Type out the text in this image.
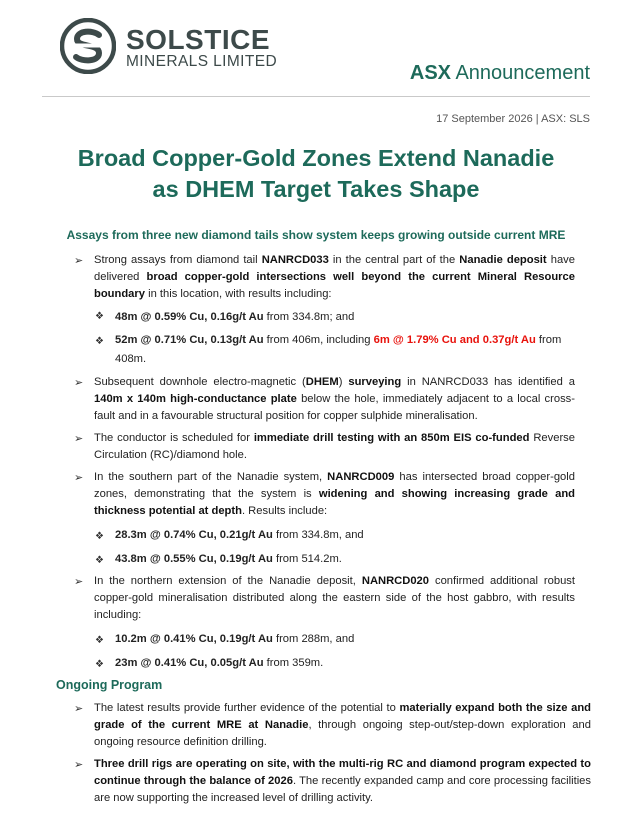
SOLSTICE
MINERALS LIMITED
ASX Announcement
17 September 2026 | ASX: SLS
Broad Copper-Gold Zones Extend Nanadie
as DHEM Target Takes Shape
Assays from three new diamond tails show system keeps growing outside current MRE
➢ Strong assays from diamond tail NANRCD033 in the central part of the Nanadie deposit have delivered broad copper-gold intersections well beyond the current Mineral Resource boundary in this location, with results including:
❖ 48m @ 0.59% Cu, 0.16g/t Au from 334.8m; and
❖ 52m @ 0.71% Cu, 0.13g/t Au from 406m, including 6m @ 1.79% Cu and 0.37g/t Au from 408m.
➢ Subsequent downhole electro-magnetic (DHEM) surveying in NANRCD033 has identified a 140m x 140m high-conductance plate below the hole, immediately adjacent to a local cross-fault and in a favourable structural position for copper sulphide mineralisation.
➢ The conductor is scheduled for immediate drill testing with an 850m EIS co-funded Reverse Circulation (RC)/diamond hole.
➢ In the southern part of the Nanadie system, NANRCD009 has intersected broad copper-gold zones, demonstrating that the system is widening and showing increasing grade and thickness potential at depth. Results include:
❖ 28.3m @ 0.74% Cu, 0.21g/t Au from 334.8m, and
❖ 43.8m @ 0.55% Cu, 0.19g/t Au from 514.2m.
➢ In the northern extension of the Nanadie deposit, NANRCD020 confirmed additional robust copper-gold mineralisation distributed along the eastern side of the host gabbro, with results including:
❖ 10.2m @ 0.41% Cu, 0.19g/t Au from 288m, and
❖ 23m @ 0.41% Cu, 0.05g/t Au from 359m.
Ongoing Program
➢ The latest results provide further evidence of the potential to materially expand both the size and grade of the current MRE at Nanadie, through ongoing step-out/step-down exploration and ongoing resource definition drilling.
➢ Three drill rigs are operating on site, with the multi-rig RC and diamond program expected to continue through the balance of 2026. The recently expanded camp and core processing facilities are now supporting the increased level of drilling activity.
